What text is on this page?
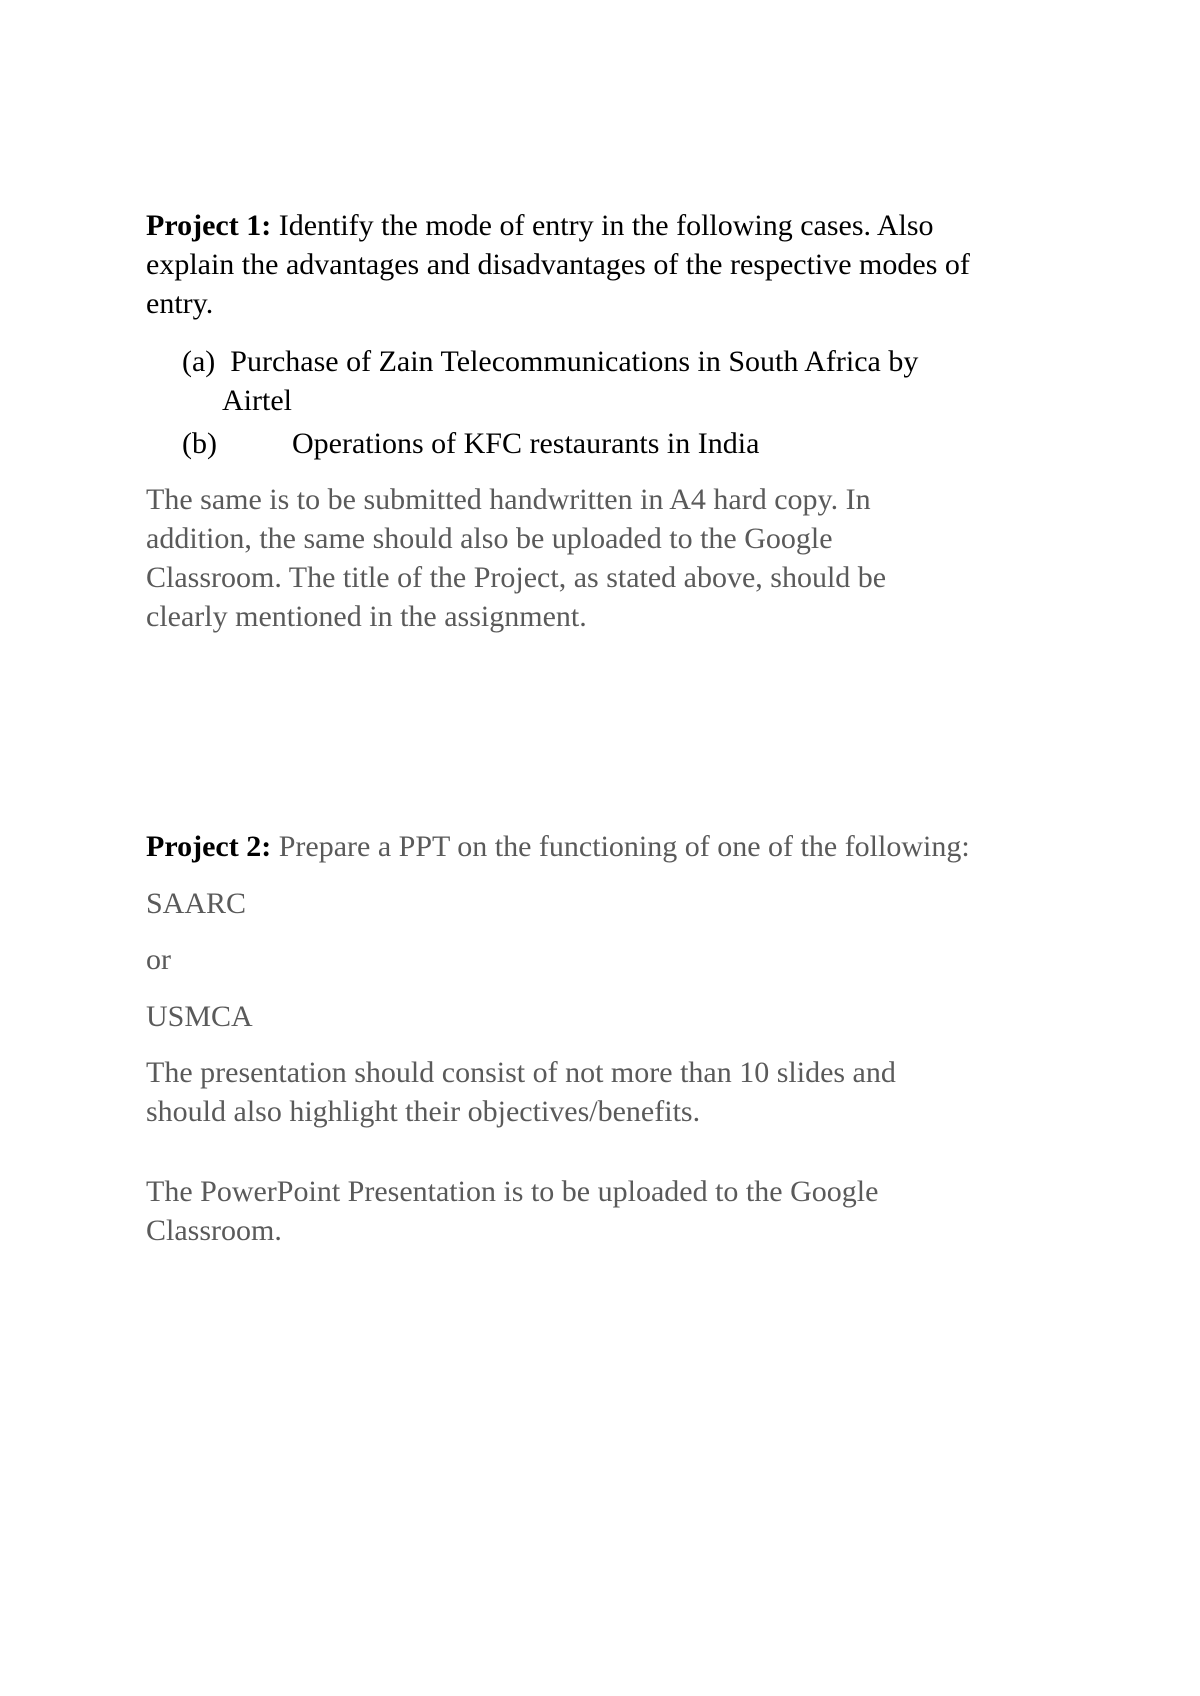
Project 1: Identify the mode of entry in the following cases. Also
explain the advantages and disadvantages of the respective modes of
entry.
(a) Purchase of Zain Telecommunications in South Africa by
Airtel
(b)	Operations of KFC restaurants in India
The same is to be submitted handwritten in A4 hard copy. In
addition, the same should also be uploaded to the Google
Classroom. The title of the Project, as stated above, should be
clearly mentioned in the assignment.
Project 2: Prepare a PPT on the functioning of one of the following:
SAARC
or
USMCA
The presentation should consist of not more than 10 slides and
should also highlight their objectives/benefits.
The PowerPoint Presentation is to be uploaded to the Google
Classroom.
